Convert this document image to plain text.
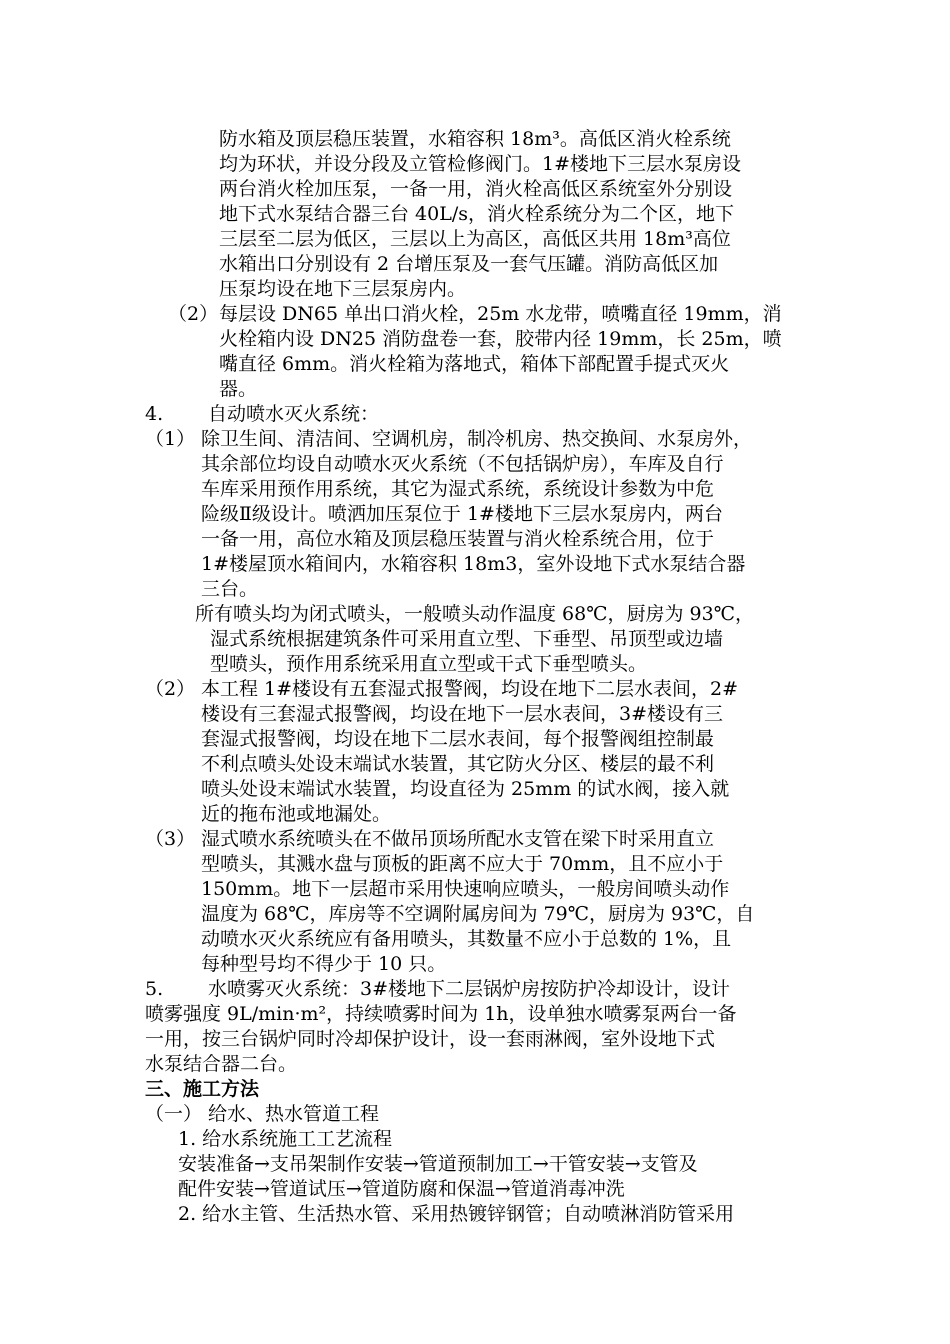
防水箱及顶层稳压装置，水箱容积 18m³。高低区消火栓系统
均为环状，并设分段及立管检修阀门。1#楼地下三层水泵房设
两台消火栓加压泵，一备一用，消火栓高低区系统室外分别设
地下式水泵结合器三台 40L/s，消火栓系统分为二个区，地下
三层至二层为低区，三层以上为高区，高低区共用 18m³高位
水箱出口分别设有 2 台增压泵及一套气压罐。消防高低区加
压泵均设在地下三层泵房内。
（2） 每层设 DN65 单出口消火栓，25m 水龙带，喷嘴直径 19mm，消
火栓箱内设 DN25 消防盘卷一套，胶带内径 19mm，长 25m，喷
嘴直径 6mm。消火栓箱为落地式，箱体下部配置手提式灭火
器。
4. 自动喷水灭火系统：
（1） 除卫生间、清洁间、空调机房，制冷机房、热交换间、水泵房外，
其余部位均设自动喷水灭火系统（不包括锅炉房），车库及自行
车库采用预作用系统，其它为湿式系统，系统设计参数为中危
险级Ⅱ级设计。喷洒加压泵位于 1#楼地下三层水泵房内，两台
一备一用，高位水箱及顶层稳压装置与消火栓系统合用，位于
1#楼屋顶水箱间内，水箱容积 18m3，室外设地下式水泵结合器
三台。
所有喷头均为闭式喷头，一般喷头动作温度 68℃，厨房为 93℃，
湿式系统根据建筑条件可采用直立型、下垂型、吊顶型或边墙
型喷头，预作用系统采用直立型或干式下垂型喷头。
（2） 本工程 1#楼设有五套湿式报警阀，均设在地下二层水表间，2#
楼设有三套湿式报警阀，均设在地下一层水表间，3#楼设有三
套湿式报警阀，均设在地下二层水表间，每个报警阀组控制最
不利点喷头处设末端试水装置，其它防火分区、楼层的最不利
喷头处设末端试水装置，均设直径为 25mm 的试水阀，接入就
近的拖布池或地漏处。
（3） 湿式喷水系统喷头在不做吊顶场所配水支管在梁下时采用直立
型喷头，其溅水盘与顶板的距离不应大于 70mm，且不应小于
150mm。地下一层超市采用快速响应喷头，一般房间喷头动作
温度为 68℃，库房等不空调附属房间为 79℃，厨房为 93℃，自
动喷水灭火系统应有备用喷头，其数量不应小于总数的 1%，且
每种型号均不得少于 10 只。
5. 水喷雾灭火系统：3#楼地下二层锅炉房按防护冷却设计，设计
喷雾强度 9L/min·m²，持续喷雾时间为 1h，设单独水喷雾泵两台一备
一用，按三台锅炉同时冷却保护设计，设一套雨淋阀，室外设地下式
水泵结合器二台。
三、施工方法
（一） 给水、热水管道工程
1. 给水系统施工工艺流程
安装准备→支吊架制作安装→管道预制加工→干管安装→支管及
配件安装→管道试压→管道防腐和保温→管道消毒冲洗
2. 给水主管、生活热水管、采用热镀锌钢管；自动喷淋消防管采用
